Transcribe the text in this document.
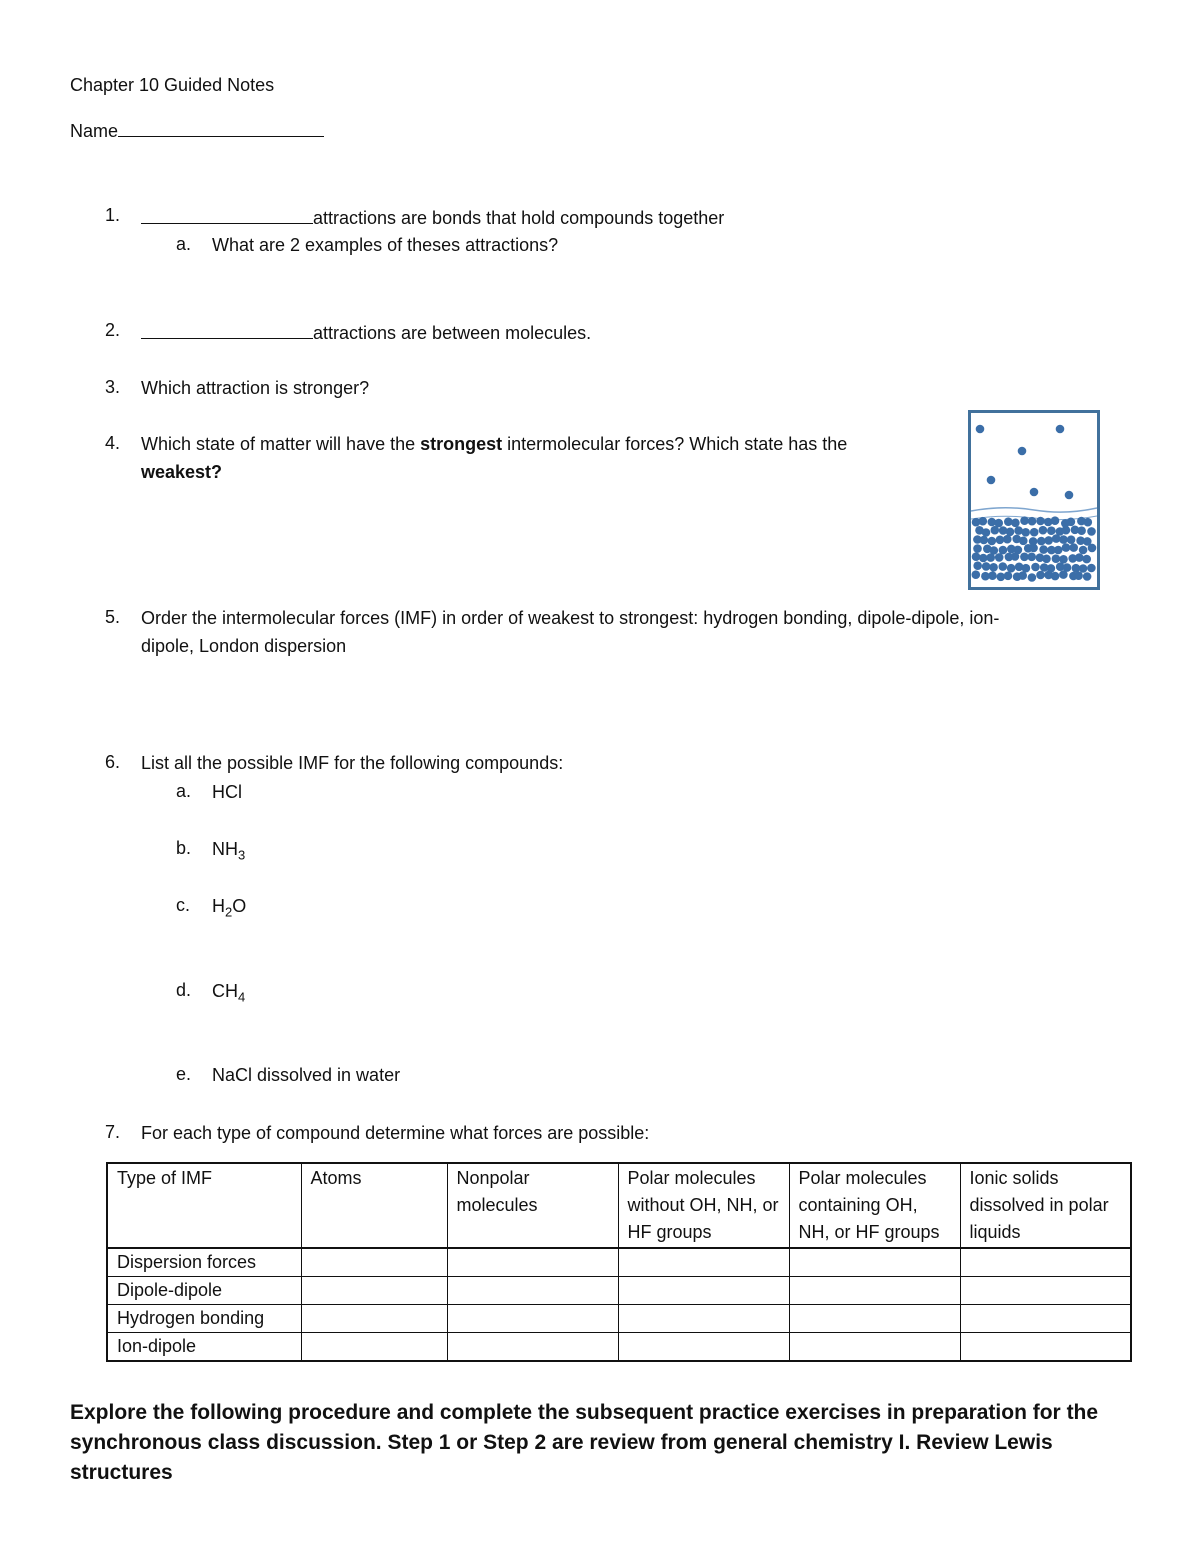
Chapter 10 Guided Notes
Name
1.	attractions are bonds that hold compounds together
a. What are 2 examples of theses attractions?
2.	attractions are between molecules.
3. Which attraction is stronger?
4. Which state of matter will have the strongest intermolecular forces? Which state has the
weakest?
5. Order the intermolecular forces (IMF) in order of weakest to strongest: hydrogen bonding, dipole-dipole, ion-
dipole, London dispersion
6. List all the possible IMF for the following compounds:
a. HCl
b. $NH_3$
c. $H_2O$
d. $CH_4$
e. NaCl dissolved in water
7. For each type of compound determine what forces are possible:
Type of IMF	Atoms	Nonpolar molecules	Polar molecules without OH, NH, or HF groups	Polar molecules containing OH, NH, or HF groups	Ionic solids dissolved in polar liquids
Dispersion forces					
Dipole-dipole					
Hydrogen bonding					
Ion-dipole					
Explore the following procedure and complete the subsequent practice exercises in preparation for the synchronous class discussion. Step 1 or Step 2 are review from general chemistry I. Review Lewis structures
